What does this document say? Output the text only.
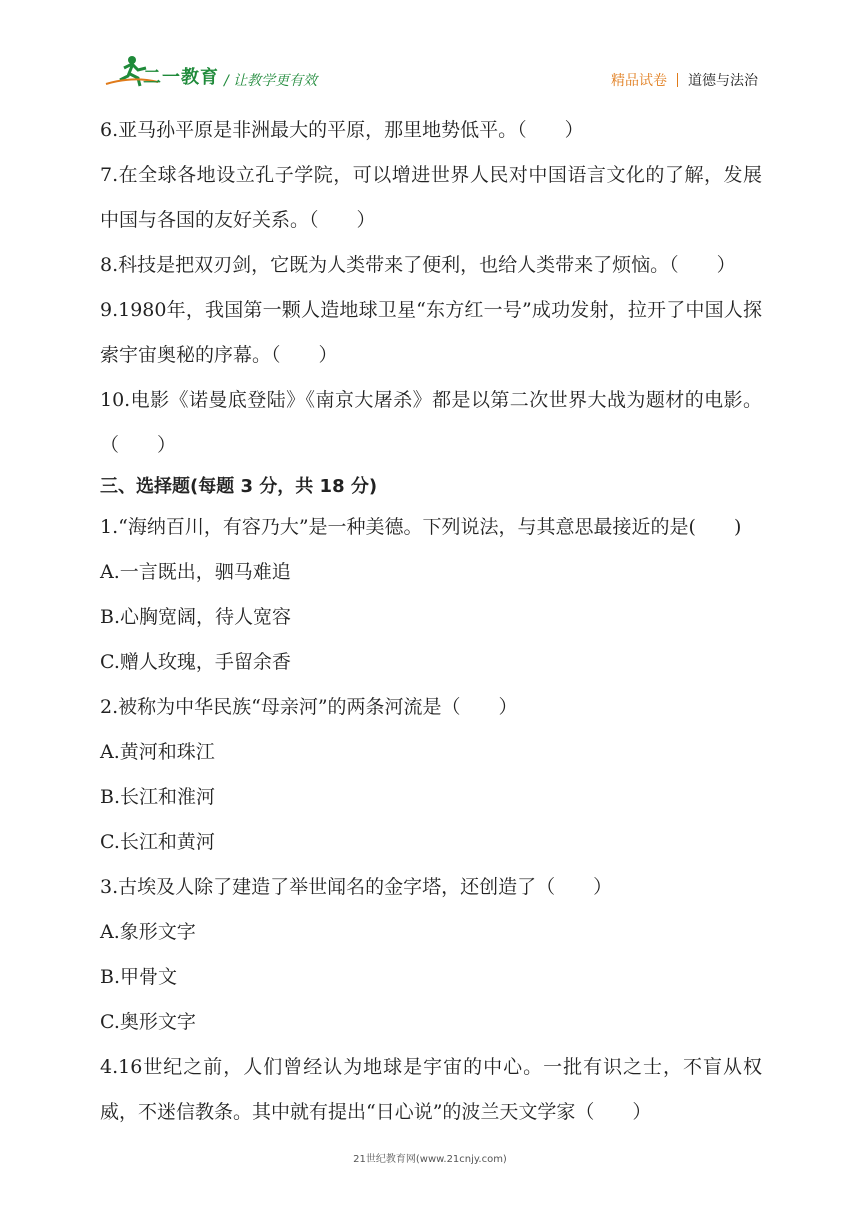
二一教育 / 让教学更有效	精品试卷 道德与法治
6.亚马孙平原是非洲最大的平原，那里地势低平。（　　）
7.在全球各地设立孔子学院，可以增进世界人民对中国语言文化的了解，发展中国与各国的友好关系。（　　）
8.科技是把双刃剑，它既为人类带来了便利，也给人类带来了烦恼。（　　）
9.1980年，我国第一颗人造地球卫星“东方红一号”成功发射，拉开了中国人探索宇宙奥秘的序幕。（　　）
10.电影《诺曼底登陆》《南京大屠杀》都是以第二次世界大战为题材的电影。（　　）
三、选择题(每题 3 分，共 18 分)
1.“海纳百川，有容乃大”是一种美德。下列说法，与其意思最接近的是(　　)
A.一言既出，驷马难追
B.心胸宽阔，待人宽容
C.赠人玫瑰，手留余香
2.被称为中华民族“母亲河”的两条河流是（　　）
A.黄河和珠江
B.长江和淮河
C.长江和黄河
3.古埃及人除了建造了举世闻名的金字塔，还创造了（　　）
A.象形文字
B.甲骨文
C.奥形文字
4.16世纪之前，人们曾经认为地球是宇宙的中心。一批有识之士，不盲从权威，不迷信教条。其中就有提出“日心说”的波兰天文学家（　　）
21世纪教育网(www.21cnjy.com)
